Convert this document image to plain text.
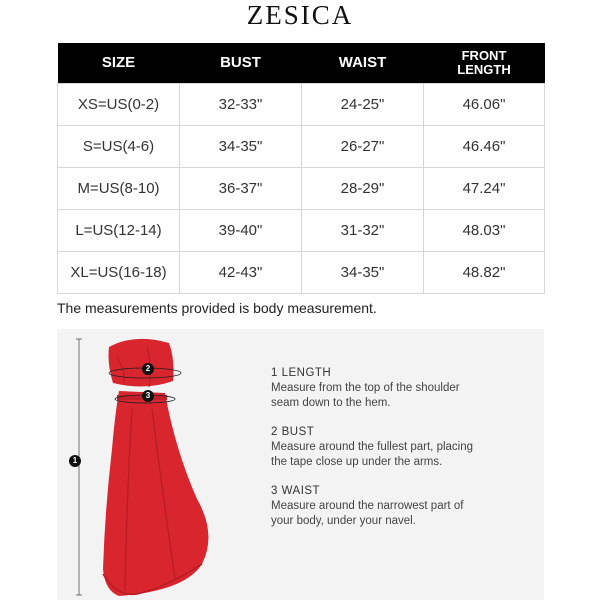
ZESICA
SIZE	BUST	WAIST	FRONT
LENGTH
XS=US(0-2)	32-33"	24-25"	46.06"
S=US(4-6)	34-35"	26-27"	46.46"
M=US(8-10)	36-37"	28-29"	47.24"
L=US(12-14)	39-40"	31-32"	48.03"
XL=US(16-18)	42-43"	34-35"	48.82"
The measurements provided is body measurement.
1
2
3
1 LENGTH
Measure from the top of the shoulder
seam down to the hem.
2 BUST
Measure around the fullest part, placing
the tape close up under the arms.
3 WAIST
Measure around the narrowest part of
your body, under your navel.
